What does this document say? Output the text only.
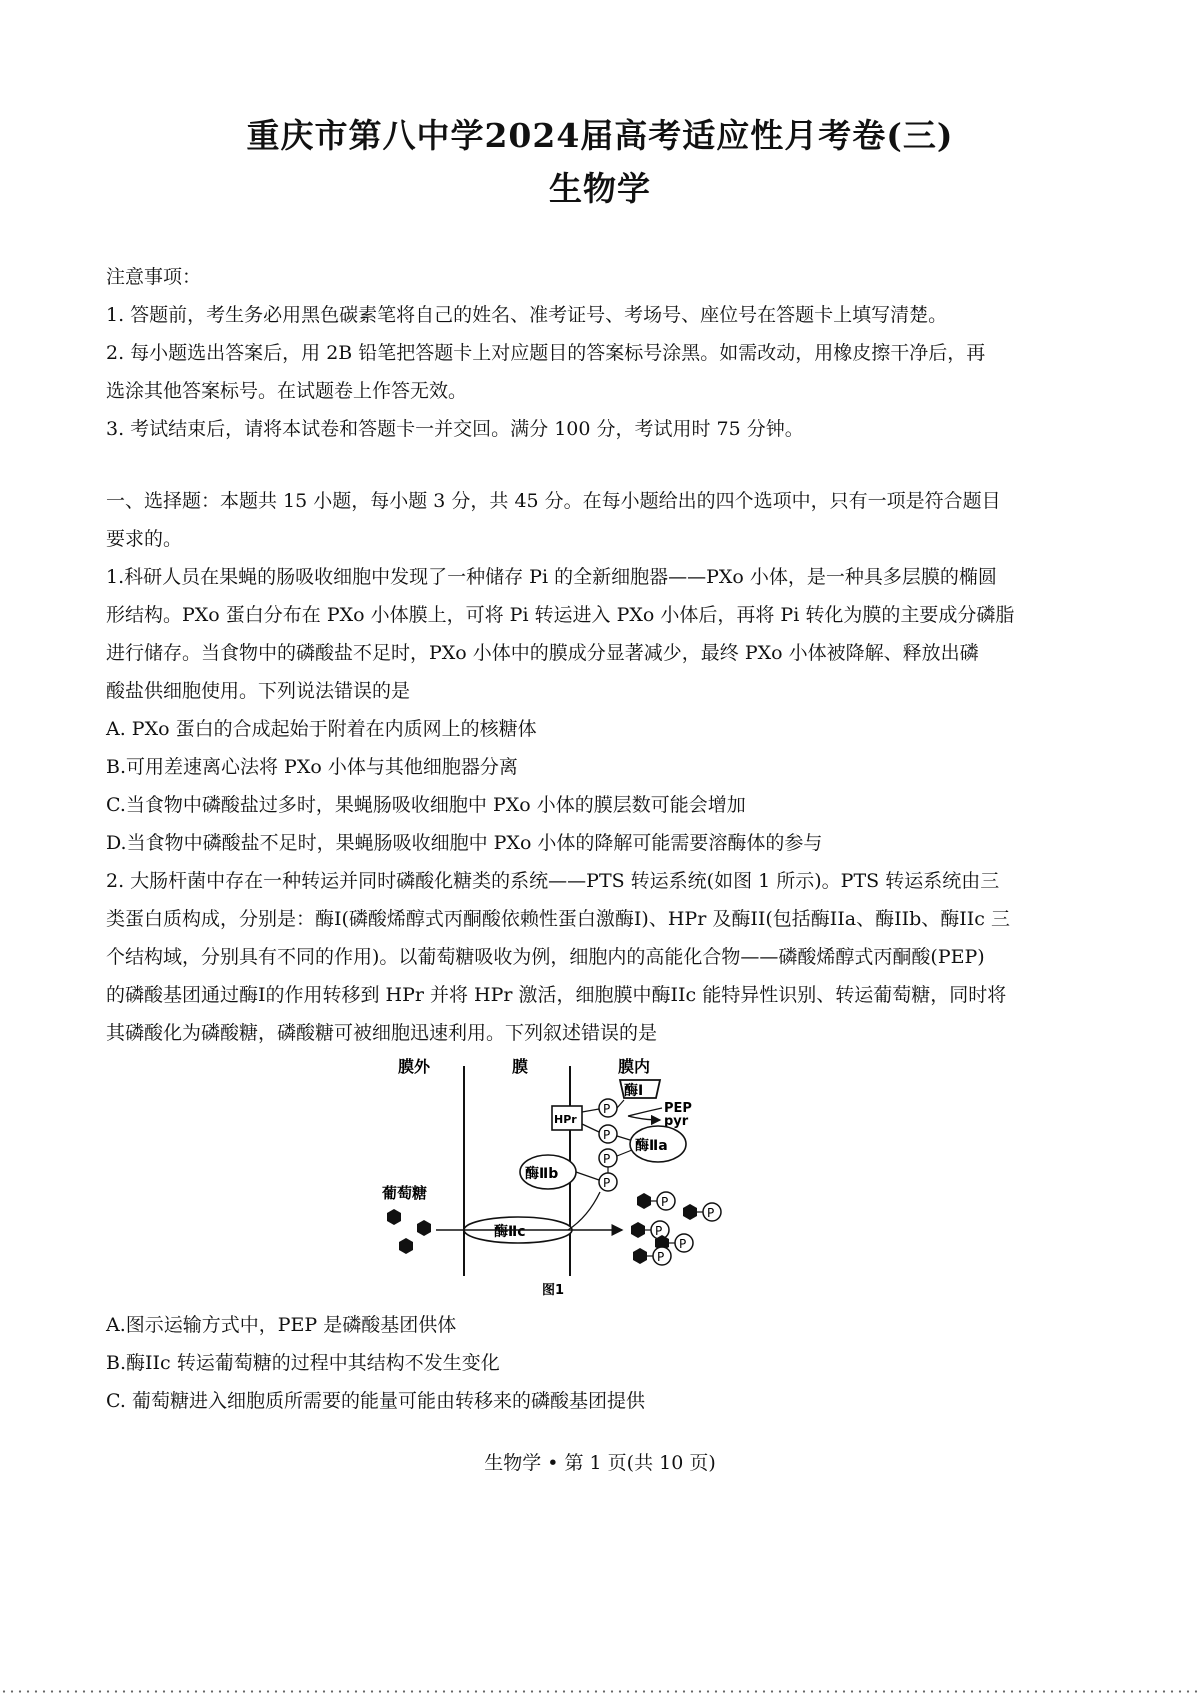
重庆市第八中学2024届高考适应性月考卷(三)
生物学
注意事项：
1. 答题前，考生务必用黑色碳素笔将自己的姓名、准考证号、考场号、座位号在答题卡上填写清楚。
2. 每小题选出答案后，用 2B 铅笔把答题卡上对应题目的答案标号涂黑。如需改动，用橡皮擦干净后，再
选涂其他答案标号。在试题卷上作答无效。
3. 考试结束后，请将本试卷和答题卡一并交回。满分 100 分，考试用时 75 分钟。
一、选择题：本题共 15 小题，每小题 3 分，共 45 分。在每小题给出的四个选项中，只有一项是符合题目
要求的。
1.科研人员在果蝇的肠吸收细胞中发现了一种储存 Pi 的全新细胞器——PXo 小体，是一种具多层膜的椭圆
形结构。PXo 蛋白分布在 PXo 小体膜上，可将 Pi 转运进入 PXo 小体后，再将 Pi 转化为膜的主要成分磷脂
进行储存。当食物中的磷酸盐不足时，PXo 小体中的膜成分显著减少，最终 PXo 小体被降解、释放出磷
酸盐供细胞使用。下列说法错误的是
A. PXo 蛋白的合成起始于附着在内质网上的核糖体
B.可用差速离心法将 PXo 小体与其他细胞器分离
C.当食物中磷酸盐过多时，果蝇肠吸收细胞中 PXo 小体的膜层数可能会增加
D.当食物中磷酸盐不足时，果蝇肠吸收细胞中 PXo 小体的降解可能需要溶酶体的参与
2. 大肠杆菌中存在一种转运并同时磷酸化糖类的系统——PTS 转运系统(如图 1 所示)。PTS 转运系统由三
类蛋白质构成，分别是：酶I(磷酸烯醇式丙酮酸依赖性蛋白激酶I)、HPr 及酶II(包括酶IIa、酶IIb、酶IIc 三
个结构域，分别具有不同的作用)。以葡萄糖吸收为例，细胞内的高能化合物——磷酸烯醇式丙酮酸(PEP)
的磷酸基团通过酶I的作用转移到 HPr 并将 HPr 激活，细胞膜中酶IIc 能特异性识别、转运葡萄糖，同时将
其磷酸化为磷酸糖，磷酸糖可被细胞迅速利用。下列叙述错误的是
膜外	膜	膜内
酶Ⅰ
PEP
pyr
HPr
P
P
酶Ⅱa
P
酶Ⅱb
P
葡萄糖
酶Ⅱc
P
P
P
P
P
图1
A.图示运输方式中，PEP 是磷酸基团供体
B.酶IIc 转运葡萄糖的过程中其结构不发生变化
C. 葡萄糖进入细胞质所需要的能量可能由转移来的磷酸基团提供
生物学 • 第 1 页(共 10 页)
